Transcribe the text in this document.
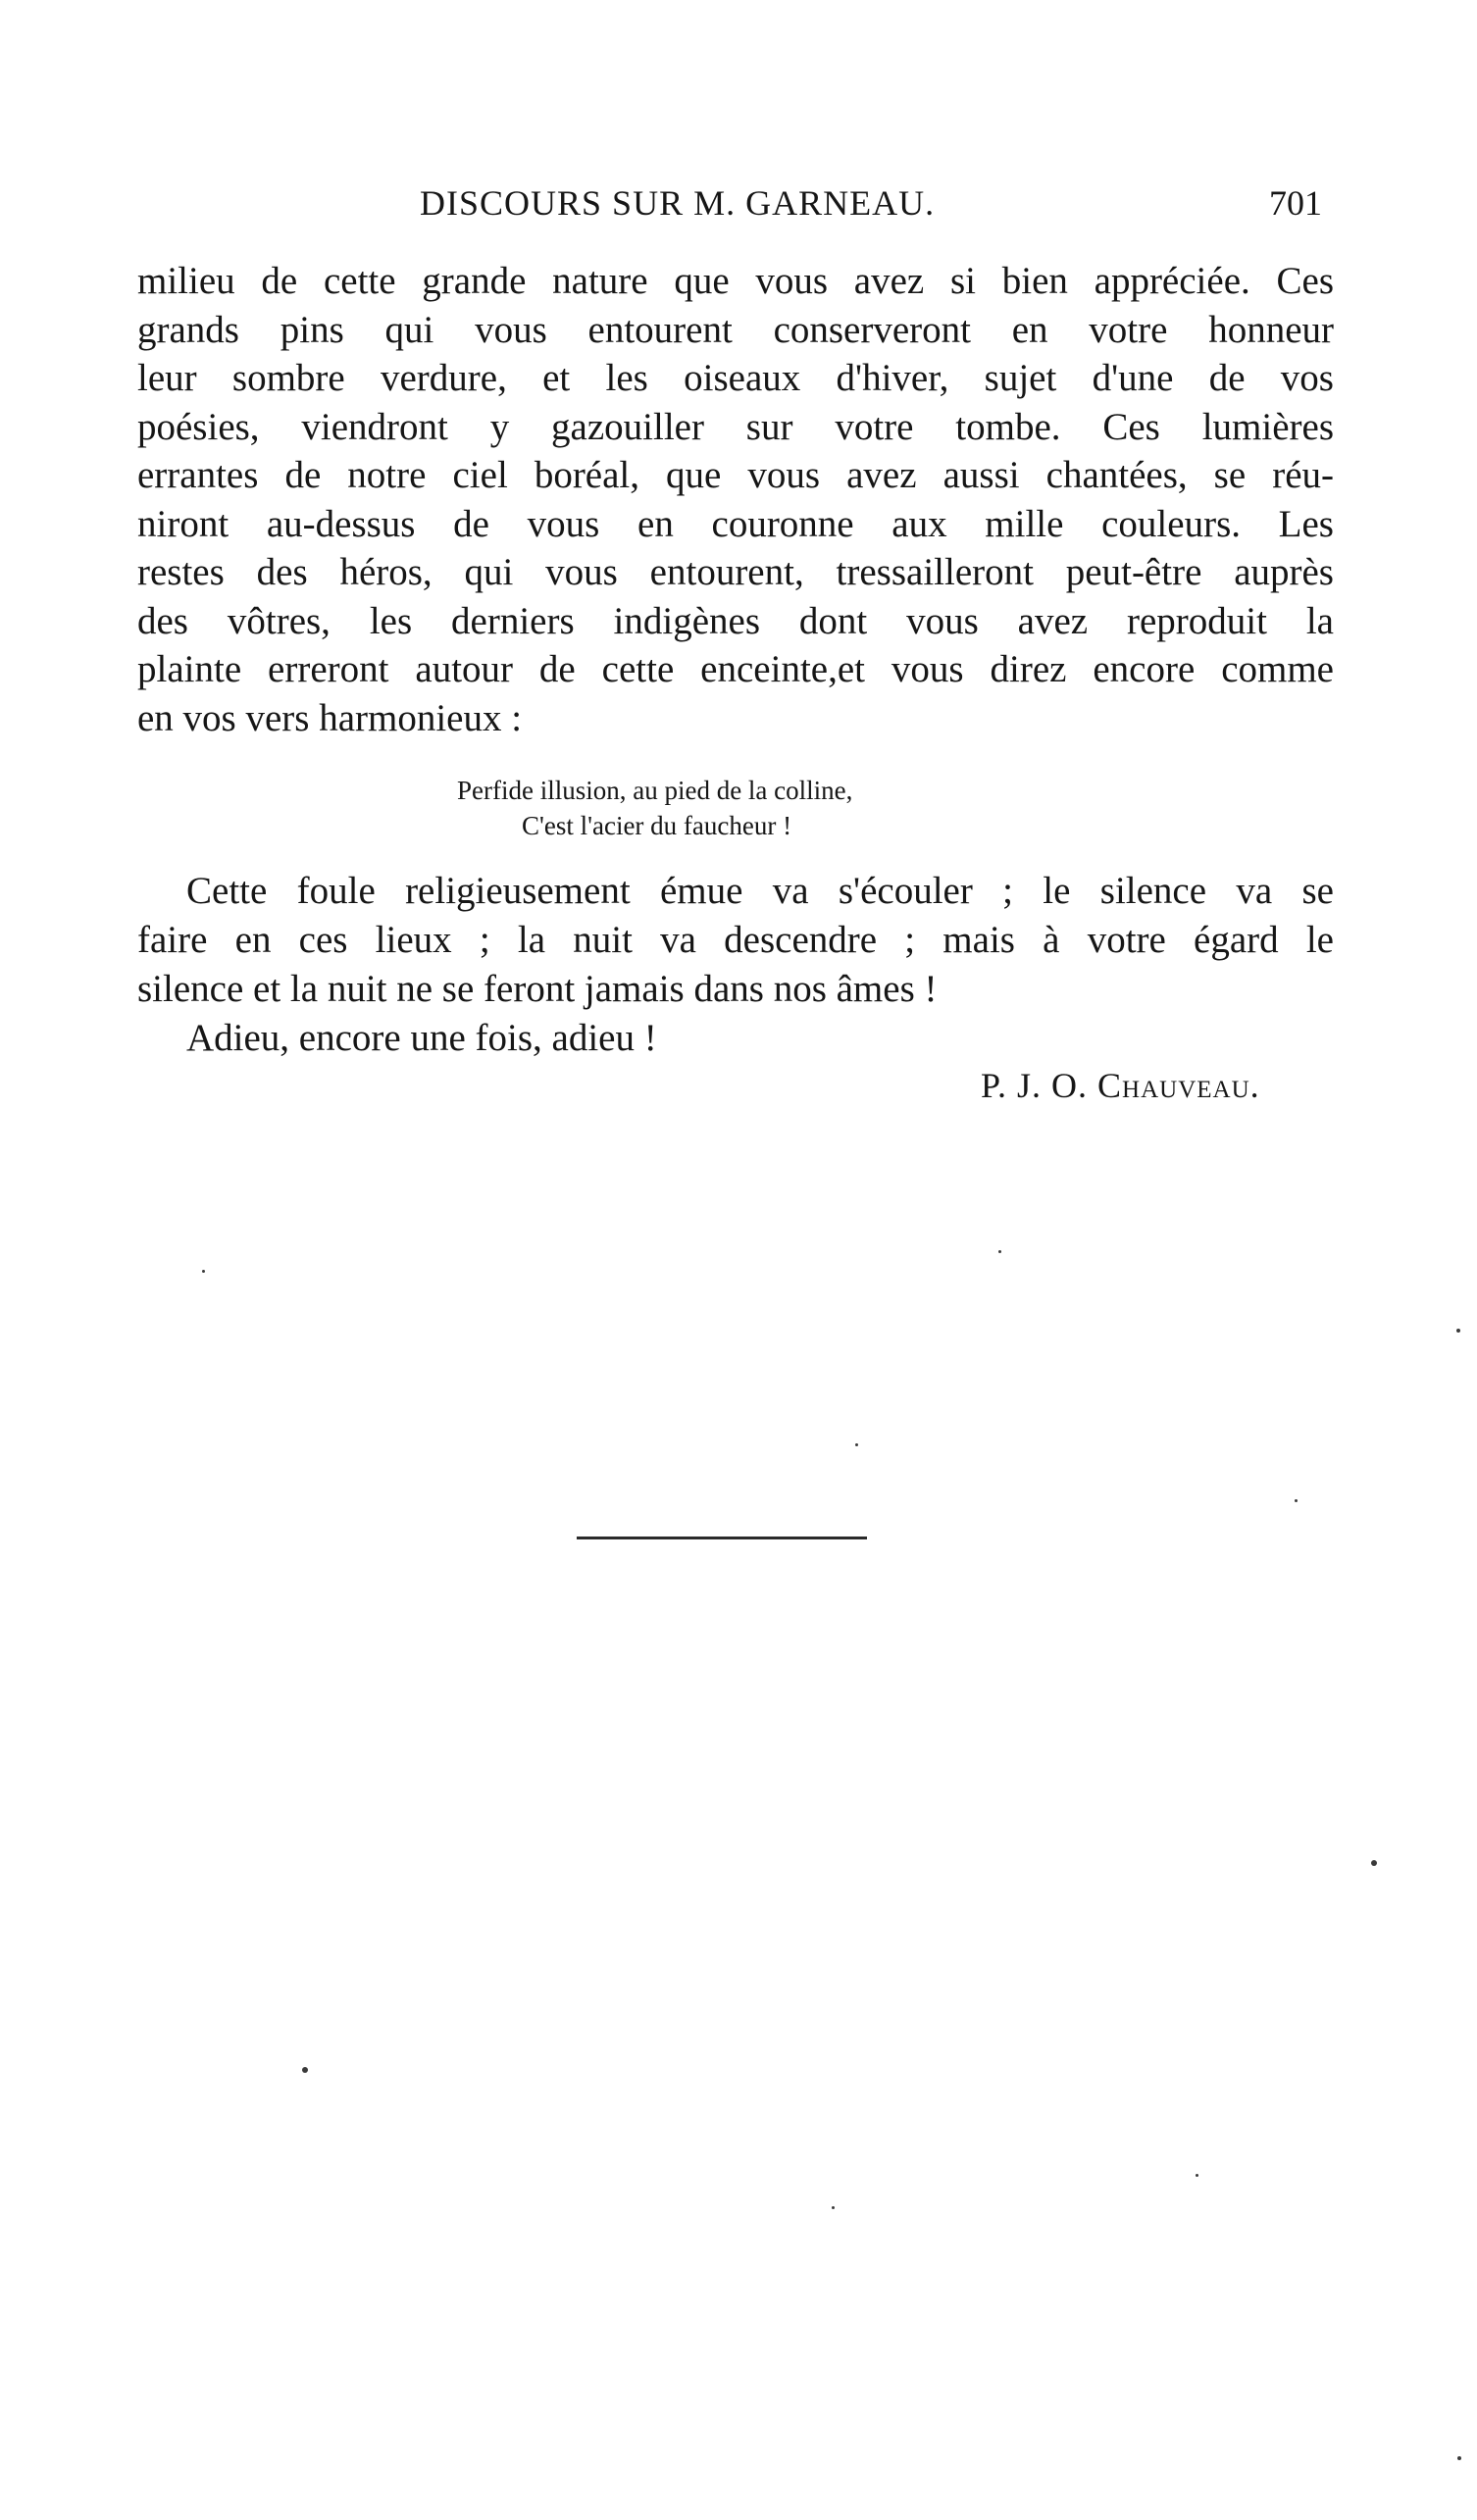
DISCOURS SUR M. GARNEAU.	701
milieu de cette grande nature que vous avez si bien appréciée. Ces
grands pins qui vous entourent conserveront en votre honneur
leur sombre verdure, et les oiseaux d'hiver, sujet d'une de vos
poésies, viendront y gazouiller sur votre tombe. Ces lumières
errantes de notre ciel boréal, que vous avez aussi chantées, se réu-
niront au-dessus de vous en couronne aux mille couleurs. Les
restes des héros, qui vous entourent, tressailleront peut-être auprès
des vôtres, les derniers indigènes dont vous avez reproduit la
plainte erreront autour de cette enceinte,et vous direz encore comme
en vos vers harmonieux :
Perfide illusion, au pied de la colline,
C'est l'acier du faucheur !
Cette foule religieusement émue va s'écouler ; le silence va se
faire en ces lieux ; la nuit va descendre ; mais à votre égard le
silence et la nuit ne se feront jamais dans nos âmes !
Adieu, encore une fois, adieu !
P. J. O. Chauveau.
